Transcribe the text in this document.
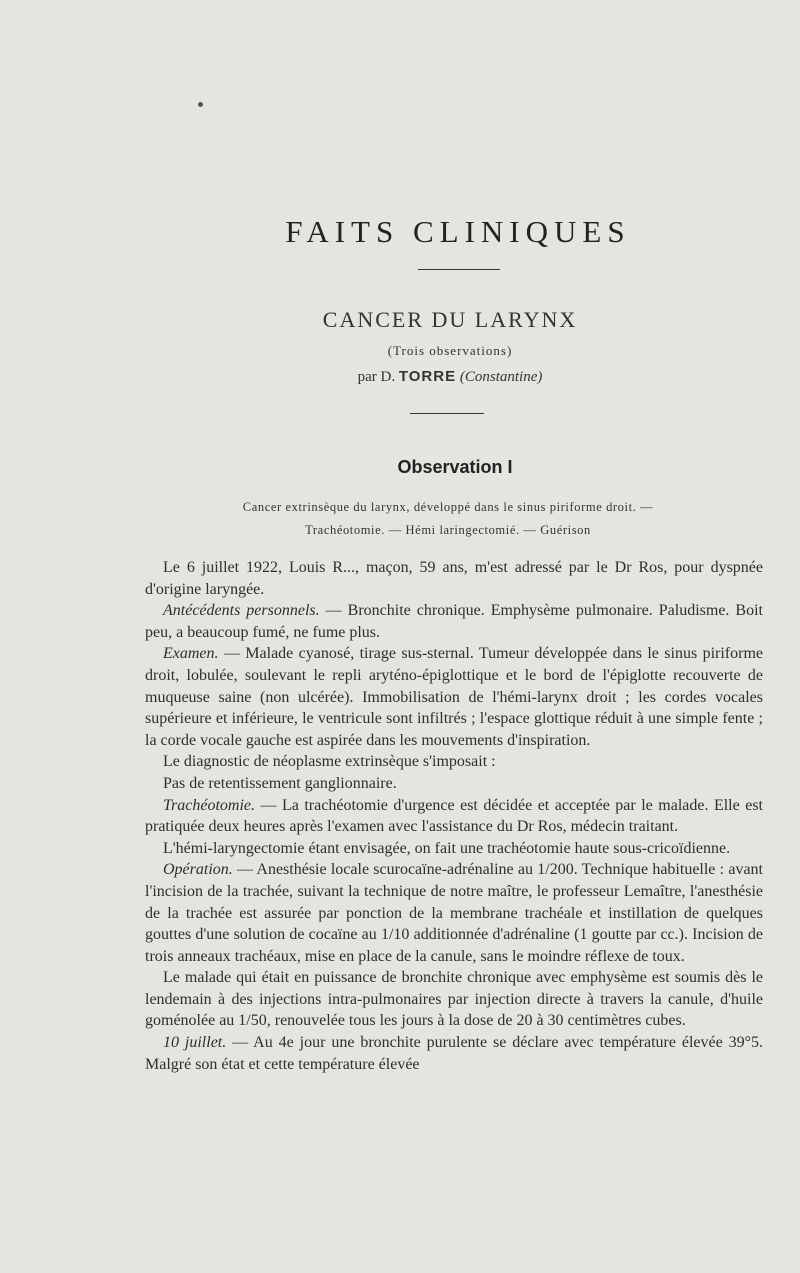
FAITS CLINIQUES
CANCER DU LARYNX
(Trois observations)
par D. TORRE (Constantine)
Observation I
Cancer extrinsèque du larynx, développé dans le sinus piriforme droit. —
Trachéotomie. — Hémi laringectomié. — Guérison

Le 6 juillet 1922, Louis R..., maçon, 59 ans, m'est adressé par le Dr Ros, pour dyspnée d'origine laryngée.

Antécédents personnels. — Bronchite chronique. Emphysème pulmonaire. Paludisme. Boit peu, a beaucoup fumé, ne fume plus.

Examen. — Malade cyanosé, tirage sus-sternal. Tumeur développée dans le sinus piriforme droit, lobulée, soulevant le repli aryténo-épiglottique et le bord de l'épiglotte recouverte de muqueuse saine (non ulcérée). Immobilisation de l'hémi-larynx droit ; les cordes vocales supérieure et inférieure, le ventricule sont infiltrés ; l'espace glottique réduit à une simple fente ; la corde vocale gauche est aspirée dans les mouvements d'inspiration.

Le diagnostic de néoplasme extrinsèque s'imposait :

Pas de retentissement ganglionnaire.

Trachéotomie. — La trachéotomie d'urgence est décidée et acceptée par le malade. Elle est pratiquée deux heures après l'examen avec l'assistance du Dr Ros, médecin traitant.

L'hémi-laryngectomie étant envisagée, on fait une trachéotomie haute sous-cricoïdienne.

Opération. — Anesthésie locale scurocaïne-adrénaline au 1/200. Technique habituelle : avant l'incision de la trachée, suivant la technique de notre maître, le professeur Lemaître, l'anesthésie de la trachée est assurée par ponction de la membrane trachéale et instillation de quelques gouttes d'une solution de cocaïne au 1/10 additionnée d'adrénaline (1 goutte par cc.). Incision de trois anneaux trachéaux, mise en place de la canule, sans le moindre réflexe de toux.

Le malade qui était en puissance de bronchite chronique avec emphysème est soumis dès le lendemain à des injections intra-pulmonaires par injection directe à travers la canule, d'huile goménolée au 1/50, renouvelée tous les jours à la dose de 20 à 30 centimètres cubes.

10 juillet. — Au 4e jour une bronchite purulente se déclare avec température élevée 39°5. Malgré son état et cette température élevée
